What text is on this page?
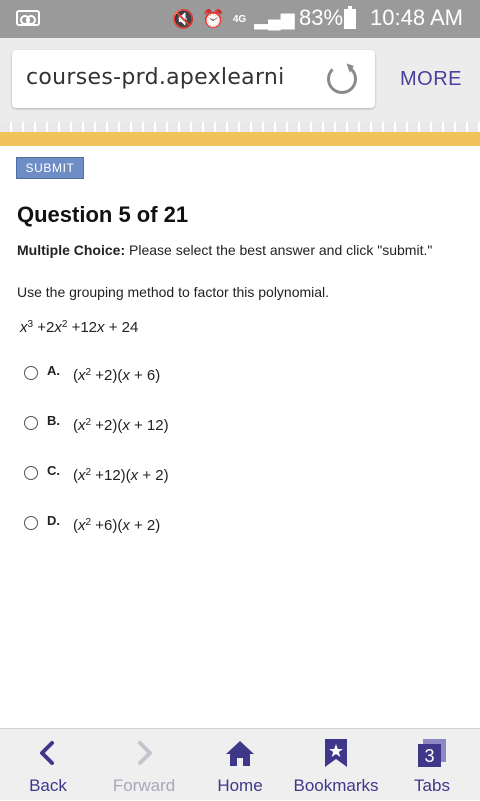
🔇 ⏰ 4G ▂▄▆ 83% 10:48 AM
courses-prd.apexlearni	MORE
SUBMIT
Question 5 of 21
Multiple Choice: Please select the best answer and click "submit."
Use the grouping method to factor this polynomial.
$x^3 +2x^2 +12x + 24$
A. $(x^2 +2)(x + 6)$
B. $(x^2 +2)(x + 12)$
C. $(x^2 +12)(x + 2)$
D. $(x^2 +6)(x + 2)$
Back	Forward	Home	Bookmarks
3
Tabs
